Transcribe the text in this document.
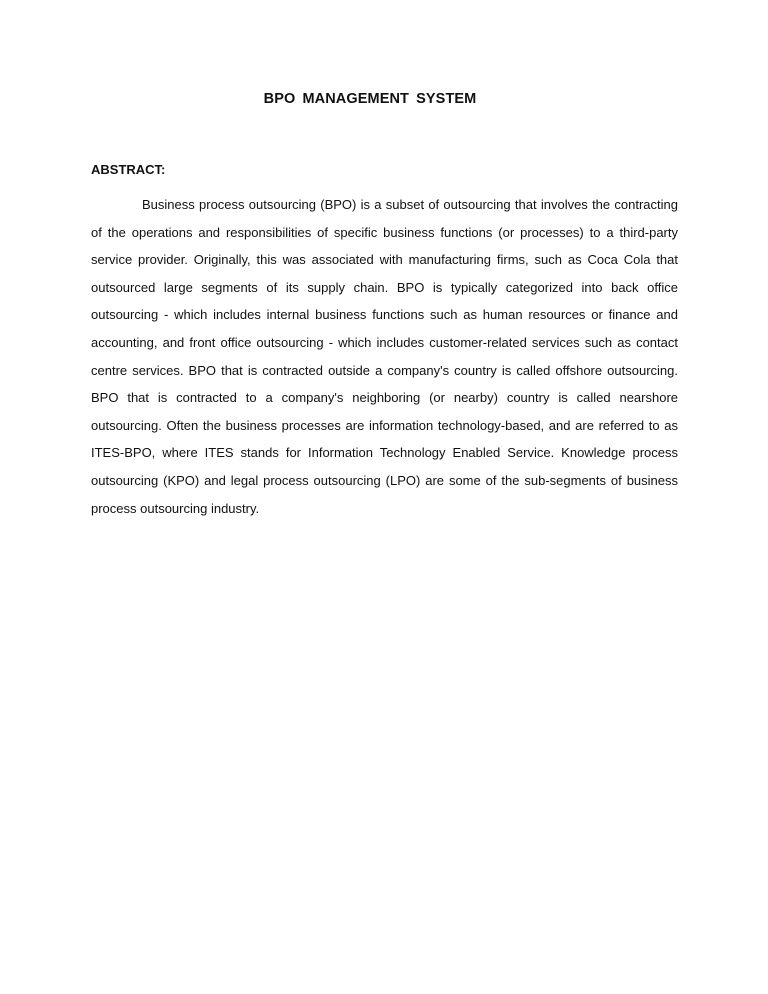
BPO MANAGEMENT SYSTEM
ABSTRACT:

Business process outsourcing (BPO) is a subset of outsourcing that involves the contracting of the operations and responsibilities of specific business functions (or processes) to a third-party service provider. Originally, this was associated with manufacturing firms, such as Coca Cola that outsourced large segments of its supply chain. BPO is typically categorized into back office outsourcing - which includes internal business functions such as human resources or finance and accounting, and front office outsourcing - which includes customer-related services such as contact centre services. BPO that is contracted outside a company's country is called offshore outsourcing. BPO that is contracted to a company's neighboring (or nearby) country is called nearshore outsourcing. Often the business processes are information technology-based, and are referred to as ITES-BPO, where ITES stands for Information Technology Enabled Service. Knowledge process outsourcing (KPO) and legal process outsourcing (LPO) are some of the sub-segments of business process outsourcing industry.
